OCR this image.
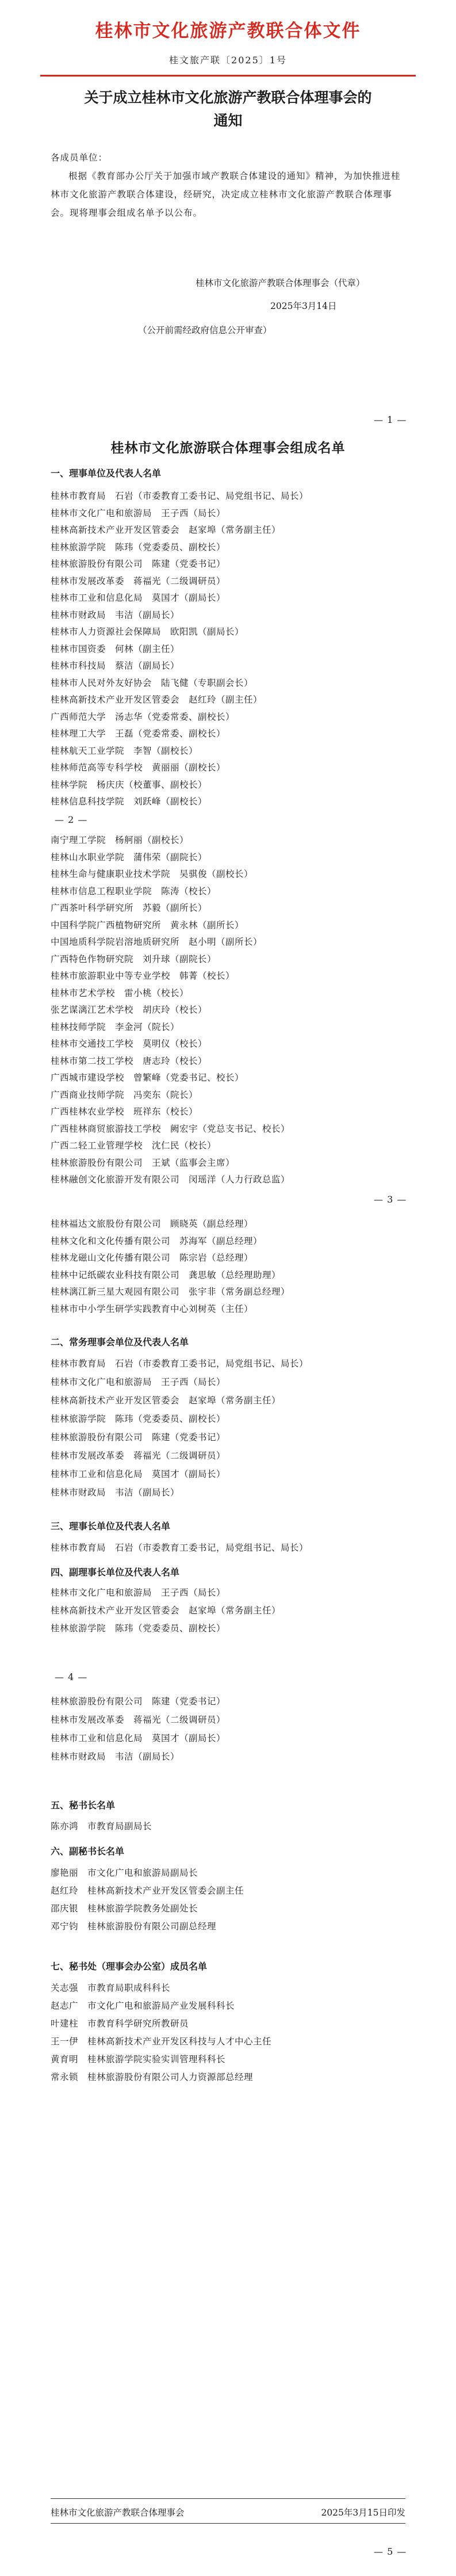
桂林市文化旅游产教联合体文件
桂文旅产联〔2025〕1号
关于成立桂林市文化旅游产教联合体理事会的
通知
各成员单位：
根据《教育部办公厅关于加强市域产教联合体建设的通知》精神，为加快推进桂林市文化旅游产教联合体建设，经研究，决定成立桂林市文化旅游产教联合体理事会。现将理事会组成名单予以公布。
桂林市文化旅游产教联合体理事会（代章）
2025年3月14日
（公开前需经政府信息公开审查）
— 1 —
桂林市文化旅游联合体理事会组成名单
一、理事单位及代表人名单
桂林市教育局　石岩（市委教育工委书记、局党组书记、局长）
桂林市文化广电和旅游局　王子西（局长）
桂林高新技术产业开发区管委会　赵家埠（常务副主任）
桂林旅游学院　陈玮（党委委员、副校长）
桂林旅游股份有限公司　陈建（党委书记）
桂林市发展改革委　蒋福光（二级调研员）
桂林市工业和信息化局　莫国才（副局长）
桂林市财政局　韦洁（副局长）
桂林市人力资源社会保障局　欧阳凯（副局长）
桂林市国资委　何林（副主任）
桂林市科技局　蔡洁（副局长）
桂林市人民对外友好协会　陆飞健（专职副会长）
桂林高新技术产业开发区管委会　赵红玲（副主任）
广西师范大学　汤志华（党委常委、副校长）
桂林理工大学　王磊（党委常委、副校长）
桂林航天工业学院　李智（副校长）
桂林师范高等专科学校　黄丽丽（副校长）
桂林学院　杨庆庆（校董事、副校长）
桂林信息科技学院　刘跃峰（副校长）
— 2 —
南宁理工学院　杨舸丽（副校长）
桂林山水职业学院　蒲伟荣（副院长）
桂林生命与健康职业技术学院　吴骐俊（副校长）
桂林市信息工程职业学院　陈涛（校长）
广西茶叶科学研究所　苏毅（副所长）
中国科学院广西植物研究所　黄永林（副所长）
中国地质科学院岩溶地质研究所　赵小明（副所长）
广西特色作物研究院　刘升球（副院长）
桂林市旅游职业中等专业学校　韩菁（校长）
桂林市艺术学校　雷小桃（校长）
张艺谋漓江艺术学校　胡庆玲（校长）
桂林技师学院　李金河（院长）
桂林市交通技工学校　莫明仪（校长）
桂林市第二技工学校　唐志玲（校长）
广西城市建设学校　曾繁峰（党委书记、校长）
广西商业技师学院　冯奕东（院长）
广西桂林农业学校　班祥东（校长）
广西桂林商贸旅游技工学校　阙宏宇（党总支书记、校长）
广西二轻工业管理学校　沈仁民（校长）
桂林旅游股份有限公司　王斌（监事会主席）
桂林融创文化旅游开发有限公司　闵瑶洋（人力行政总监）
— 3 —
桂林福达文旅股份有限公司　顾晓英（副总经理）
桂林文化和文化传播有限公司　苏海军（副总经理）
桂林龙磁山文化传播有限公司　陈宗岩（总经理）
桂林中记纸碳农业科技有限公司　龚思敏（总经理助理）
桂林漓江新三星大观园有限公司　张宇非（常务副总经理）
桂林市中小学生研学实践教育中心刘树英（主任）
二、常务理事会单位及代表人名单
桂林市教育局　石岩（市委教育工委书记，局党组书记、局长）
桂林市文化广电和旅游局　王子西（局长）
桂林高新技术产业开发区管委会　赵家埠（常务副主任）
桂林旅游学院　陈玮（党委委员、副校长）
桂林旅游股份有限公司　陈建（党委书记）
桂林市发展改革委　蒋福光（二级调研员）
桂林市工业和信息化局　莫国才（副局长）
桂林市财政局　韦洁（副局长）
三、理事长单位及代表人名单
桂林市教育局　石岩（市委教育工委书记，局党组书记、局长）
四、副理事长单位及代表人名单
桂林市文化广电和旅游局　王子西（局长）
桂林高新技术产业开发区管委会　赵家埠（常务副主任）
桂林旅游学院　陈玮（党委委员、副校长）
— 4 —
桂林旅游股份有限公司　陈建（党委书记）
桂林市发展改革委　蒋福光（二级调研员）
桂林市工业和信息化局　莫国才（副局长）
桂林市财政局　韦洁（副局长）
五、秘书长名单
陈亦鸿　市教育局副局长
六、副秘书长名单
廖艳丽　市文化广电和旅游局副局长
赵红玲　桂林高新技术产业开发区管委会副主任
邵庆银　桂林旅游学院教务处副处长
邓宁钧　桂林旅游股份有限公司副总经理
七、秘书处（理事会办公室）成员名单
关志强　市教育局职成科科长
赵志广　市文化广电和旅游局产业发展科科长
叶建柱　市教育科学研究所教研员
王一伊　桂林高新技术产业开发区科技与人才中心主任
黄育明　桂林旅游学院实验实训管理科科长
常永锁　桂林旅游股份有限公司人力资源部总经理
桂林市文化旅游产教联合体理事会	2025年3月15日印发
— 5 —
